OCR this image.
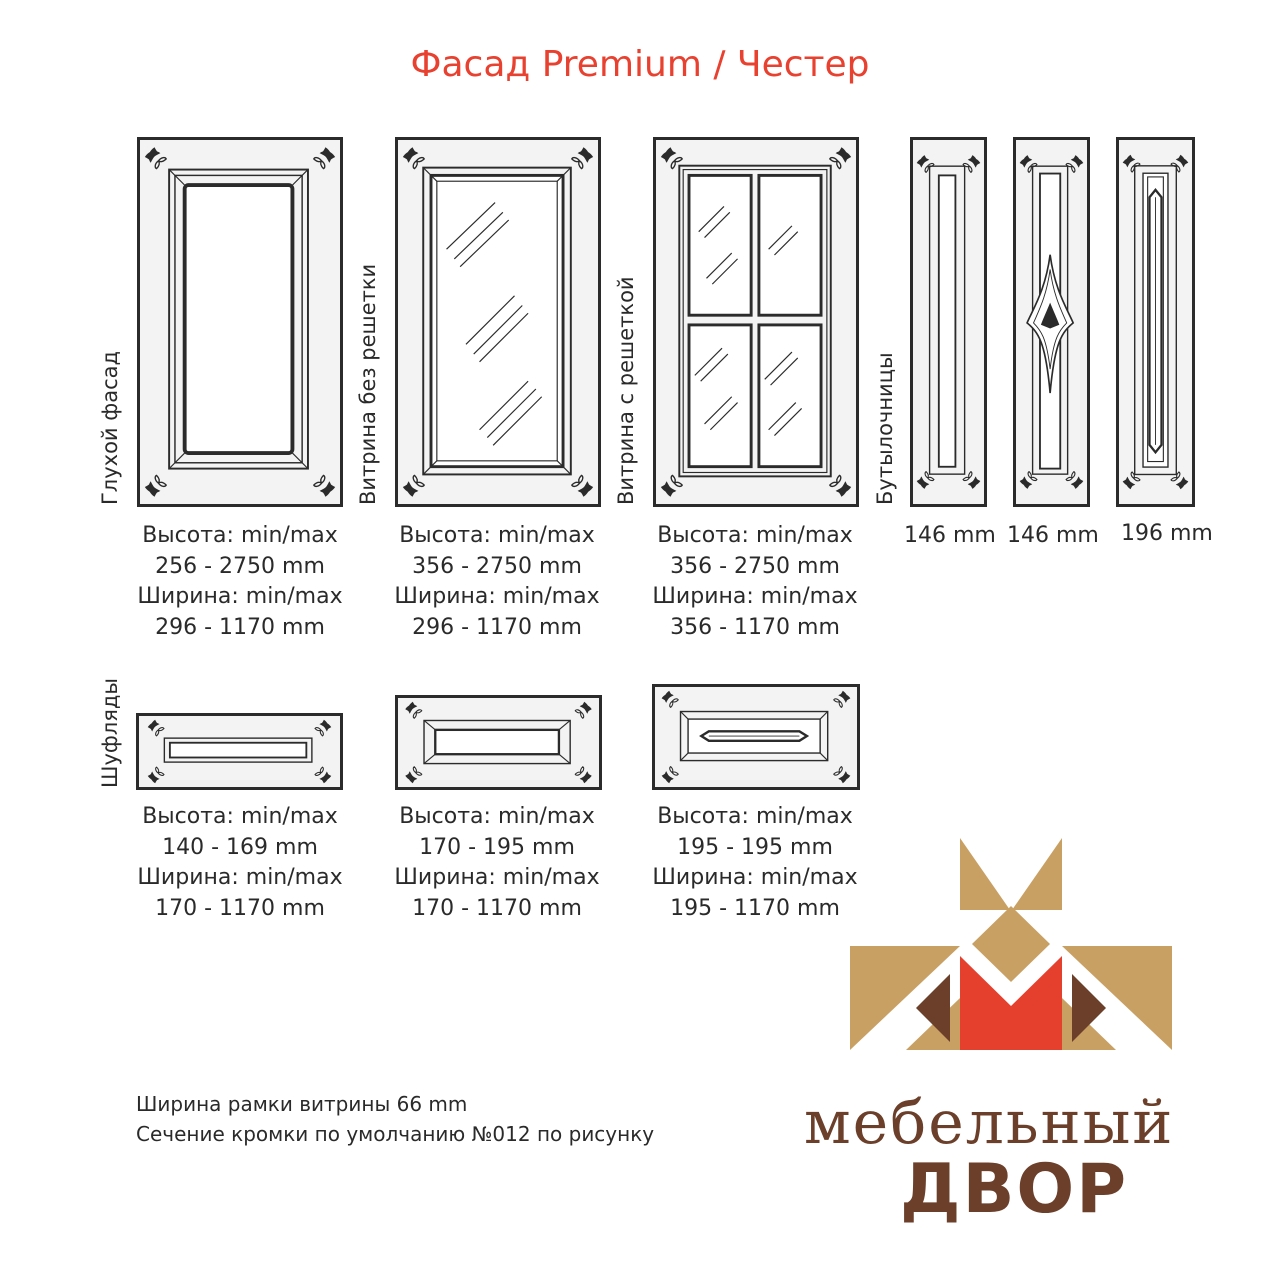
Фасад Premium / Честер
Глухой фасад
Высота: min/max
256 - 2750 mm
Ширина: min/max
296 - 1170 mm
Витрина без решетки
Высота: min/max
356 - 2750 mm
Ширина: min/max
296 - 1170 mm
Витрина с решеткой
Высота: min/max
356 - 2750 mm
Ширина: min/max
356 - 1170 mm
Бутылочницы
146 mm 146 mm 196 mm
Шуфляды
Высота: min/max
140 - 169 mm
Ширина: min/max
170 - 1170 mm
Высота: min/max
170 - 195 mm
Ширина: min/max
170 - 1170 mm
Высота: min/max
195 - 195 mm
Ширина: min/max
195 - 1170 mm
Ширина рамки витрины 66 mm
Сечение кромки по умолчанию №012 по рисунку мебельный
ДВОР
